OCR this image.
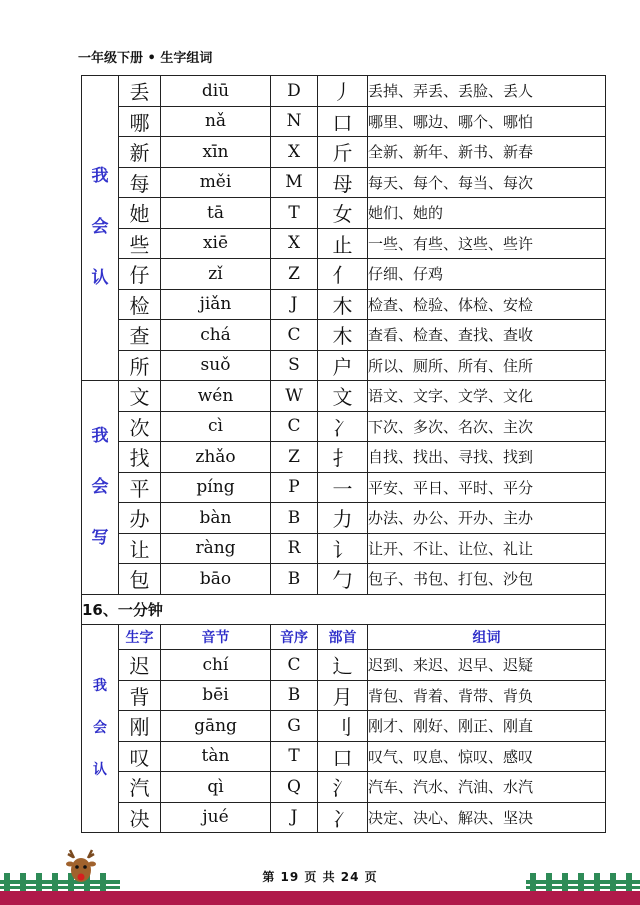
一年级下册 • 生字组词
我

会

认	丢	diū	D	丿	丢掉、弄丢、丢脸、丢人
	哪	nǎ	N	口	哪里、哪边、哪个、哪怕
	新	xīn	X	斤	全新、新年、新书、新春
	每	měi	M	母	每天、每个、每当、每次
	她	tā	T	女	她们、她的
	些	xiē	X	止	一些、有些、这些、些许
	仔	zǐ	Z	亻	仔细、仔鸡
	检	jiǎn	J	木	检查、检验、体检、安检
	查	chá	C	木	查看、检查、查找、查收
	所	suǒ	S	户	所以、厕所、所有、住所
我

会

写	文	wén	W	文	语文、文字、文学、文化
	次	cì	C	冫	下次、多次、名次、主次
	找	zhǎo	Z	扌	自找、找出、寻找、找到
	平	píng	P	一	平安、平日、平时、平分
	办	bàn	B	力	办法、办公、开办、主办
	让	ràng	R	讠	让开、不让、让位、礼让
	包	bāo	B	勹	包子、书包、打包、沙包
16、一分钟					
我

会

认	生字	音节	音序	部首	组词
	迟	chí	C	辶	迟到、来迟、迟早、迟疑
	背	bēi	B	月	背包、背着、背带、背负
	刚	gāng	G	刂	刚才、刚好、刚正、刚直
	叹	tàn	T	口	叹气、叹息、惊叹、感叹
	汽	qì	Q	氵	汽车、汽水、汽油、水汽
	决	jué	J	冫	决定、决心、解决、坚决
第 19 页 共 24 页
